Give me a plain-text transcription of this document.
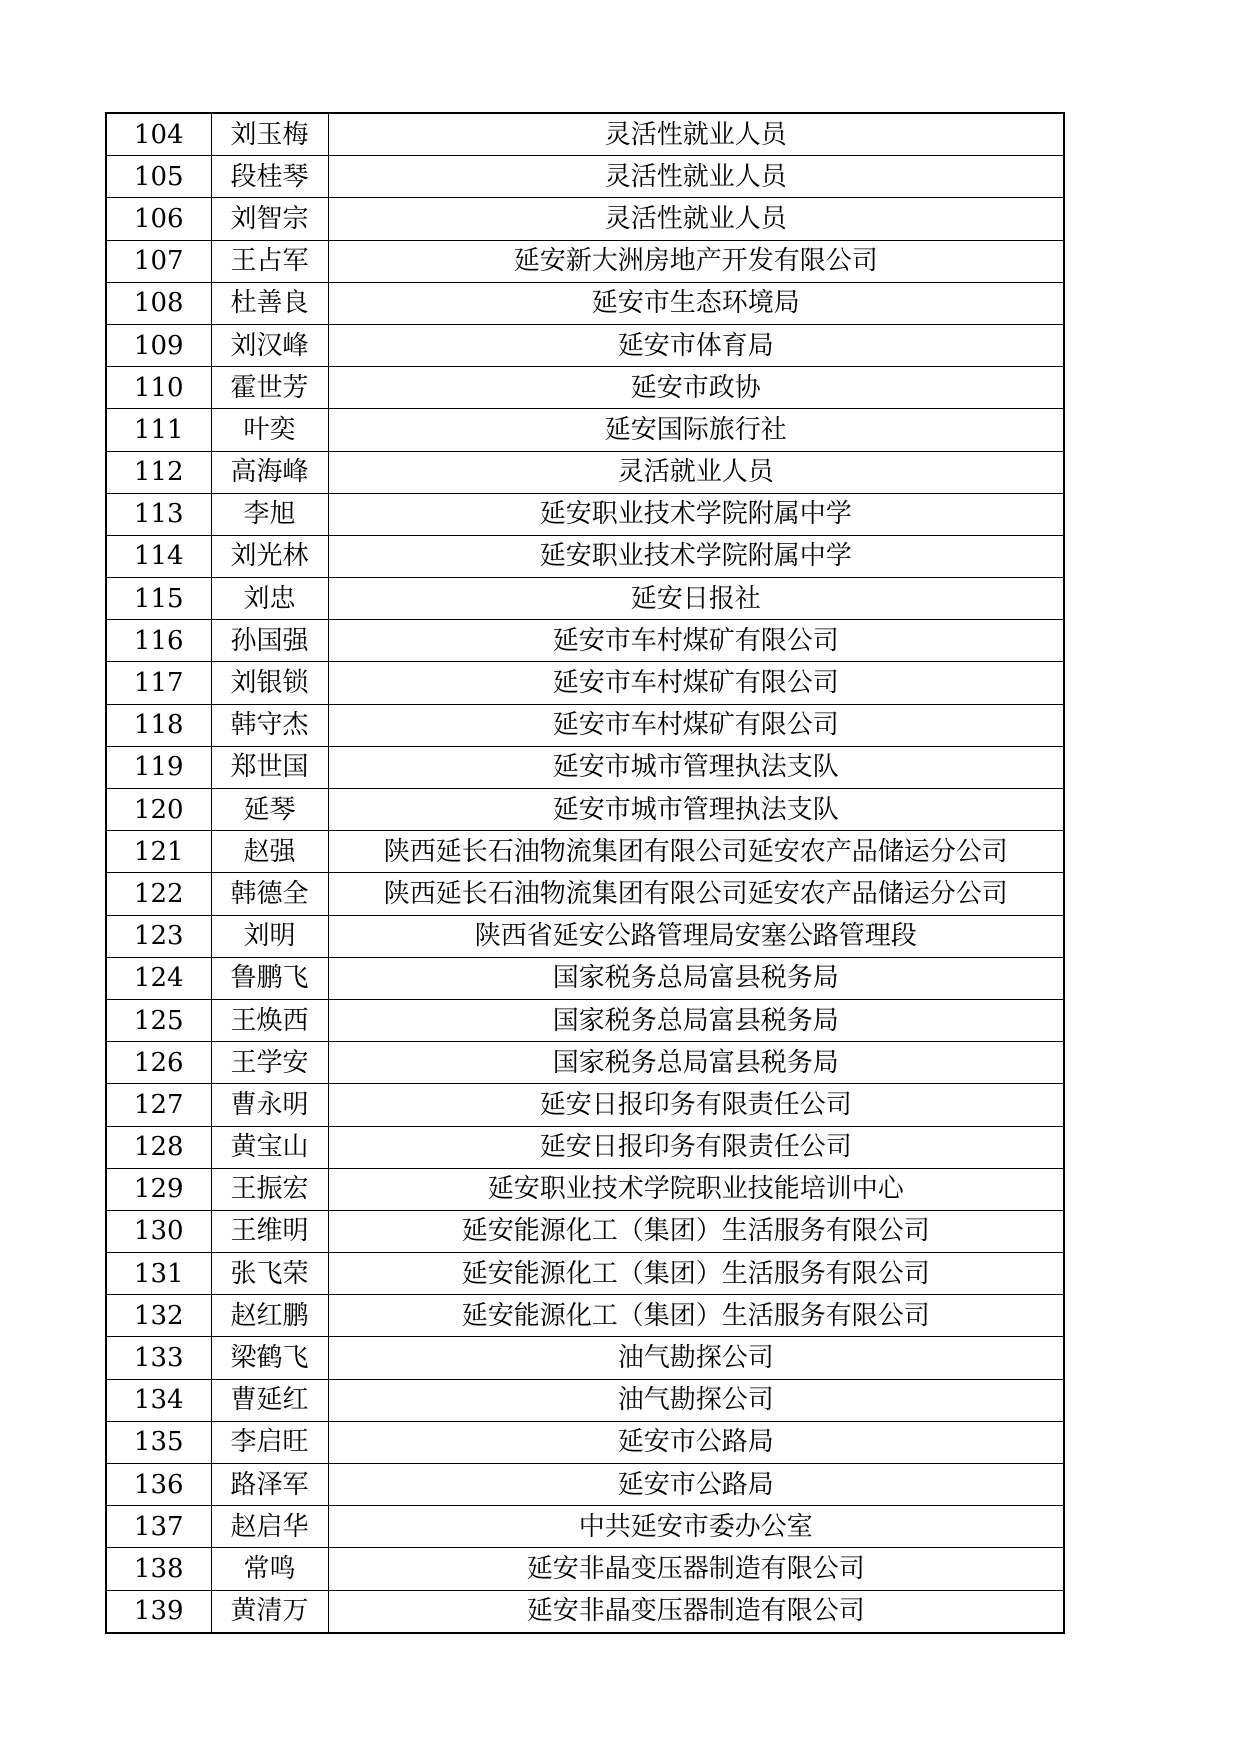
104	刘玉梅	灵活性就业人员
105	段桂琴	灵活性就业人员
106	刘智宗	灵活性就业人员
107	王占军	延安新大洲房地产开发有限公司
108	杜善良	延安市生态环境局
109	刘汉峰	延安市体育局
110	霍世芳	延安市政协
111	叶奕	延安国际旅行社
112	高海峰	灵活就业人员
113	李旭	延安职业技术学院附属中学
114	刘光林	延安职业技术学院附属中学
115	刘忠	延安日报社
116	孙国强	延安市车村煤矿有限公司
117	刘银锁	延安市车村煤矿有限公司
118	韩守杰	延安市车村煤矿有限公司
119	郑世国	延安市城市管理执法支队
120	延琴	延安市城市管理执法支队
121	赵强	陕西延长石油物流集团有限公司延安农产品储运分公司
122	韩德全	陕西延长石油物流集团有限公司延安农产品储运分公司
123	刘明	陕西省延安公路管理局安塞公路管理段
124	鲁鹏飞	国家税务总局富县税务局
125	王焕西	国家税务总局富县税务局
126	王学安	国家税务总局富县税务局
127	曹永明	延安日报印务有限责任公司
128	黄宝山	延安日报印务有限责任公司
129	王振宏	延安职业技术学院职业技能培训中心
130	王维明	延安能源化工（集团）生活服务有限公司
131	张飞荣	延安能源化工（集团）生活服务有限公司
132	赵红鹏	延安能源化工（集团）生活服务有限公司
133	梁鹤飞	油气勘探公司
134	曹延红	油气勘探公司
135	李启旺	延安市公路局
136	路泽军	延安市公路局
137	赵启华	中共延安市委办公室
138	常鸣	延安非晶变压器制造有限公司
139	黄清万	延安非晶变压器制造有限公司
